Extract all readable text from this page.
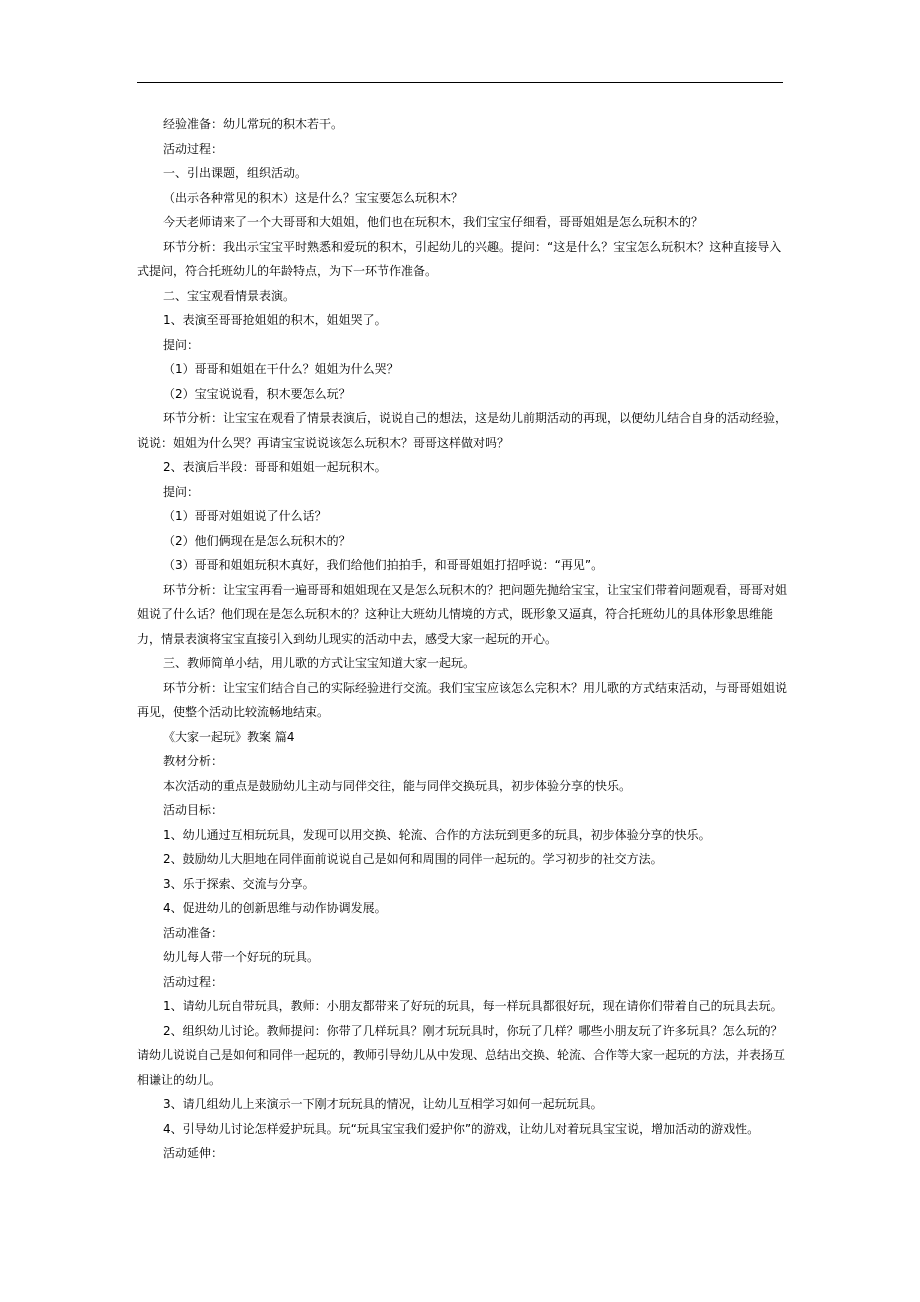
经验准备：幼儿常玩的积木若干。

活动过程：

一、引出课题，组织活动。

（出示各种常见的积木）这是什么？宝宝要怎么玩积木？

今天老师请来了一个大哥哥和大姐姐，他们也在玩积木，我们宝宝仔细看，哥哥姐姐是怎么玩积木的？

环节分析：我出示宝宝平时熟悉和爱玩的积木，引起幼儿的兴趣。提问：“这是什么？宝宝怎么玩积木？这种直接导入式提问，符合托班幼儿的年龄特点，为下一环节作准备。

二、宝宝观看情景表演。

1、表演至哥哥抢姐姐的积木，姐姐哭了。

提问：

（1）哥哥和姐姐在干什么？姐姐为什么哭？

（2）宝宝说说看，积木要怎么玩？

环节分析：让宝宝在观看了情景表演后，说说自己的想法，这是幼儿前期活动的再现，以便幼儿结合自身的活动经验，说说：姐姐为什么哭？再请宝宝说说该怎么玩积木？哥哥这样做对吗？

2、表演后半段：哥哥和姐姐一起玩积木。

提问：

（1）哥哥对姐姐说了什么话？

（2）他们俩现在是怎么玩积木的？

（3）哥哥和姐姐玩积木真好，我们给他们拍拍手，和哥哥姐姐打招呼说：“再见”。

环节分析：让宝宝再看一遍哥哥和姐姐现在又是怎么玩积木的？把问题先抛给宝宝，让宝宝们带着问题观看，哥哥对姐姐说了什么话？他们现在是怎么玩积木的？这种让大班幼儿情境的方式，既形象又逼真，符合托班幼儿的具体形象思维能力，情景表演将宝宝直接引入到幼儿现实的活动中去，感受大家一起玩的开心。

三、教师简单小结，用儿歌的方式让宝宝知道大家一起玩。

环节分析：让宝宝们结合自己的实际经验进行交流。我们宝宝应该怎么完积木？用儿歌的方式结束活动，与哥哥姐姐说再见，使整个活动比较流畅地结束。

《大家一起玩》教案 篇4

教材分析：

本次活动的重点是鼓励幼儿主动与同伴交往，能与同伴交换玩具，初步体验分享的快乐。

活动目标：

1、幼儿通过互相玩玩具，发现可以用交换、轮流、合作的方法玩到更多的玩具，初步体验分享的快乐。

2、鼓励幼儿大胆地在同伴面前说说自己是如何和周围的同伴一起玩的。学习初步的社交方法。

3、乐于探索、交流与分享。

4、促进幼儿的创新思维与动作协调发展。

活动准备：

幼儿每人带一个好玩的玩具。

活动过程：

1、请幼儿玩自带玩具，教师：小朋友都带来了好玩的玩具，每一样玩具都很好玩，现在请你们带着自己的玩具去玩。

2、组织幼儿讨论。教师提问：你带了几样玩具？刚才玩玩具时，你玩了几样？哪些小朋友玩了许多玩具？怎么玩的？请幼儿说说自己是如何和同伴一起玩的，教师引导幼儿从中发现、总结出交换、轮流、合作等大家一起玩的方法，并表扬互相谦让的幼儿。

3、请几组幼儿上来演示一下刚才玩玩具的情况，让幼儿互相学习如何一起玩玩具。

4、引导幼儿讨论怎样爱护玩具。玩“玩具宝宝我们爱护你”的游戏，让幼儿对着玩具宝宝说，增加活动的游戏性。

活动延伸：
